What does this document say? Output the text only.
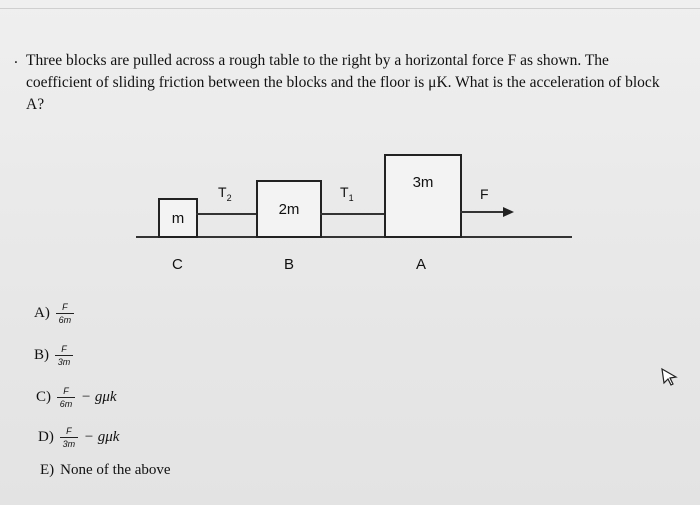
. Three blocks are pulled across a rough table to the right by a horizontal force F as shown. The coefficient of sliding friction between the blocks and the floor is μK. What is the acceleration of block A?
m
$T_2$
2m
$T_1$
3m
F
C	B	A
$A) \frac{F}{6m}$
$B) \frac{F}{3m}$
$C) \frac{F}{6m} - g\mu k$
$D) \frac{F}{3m} - g\mu k$
E) None of the above
